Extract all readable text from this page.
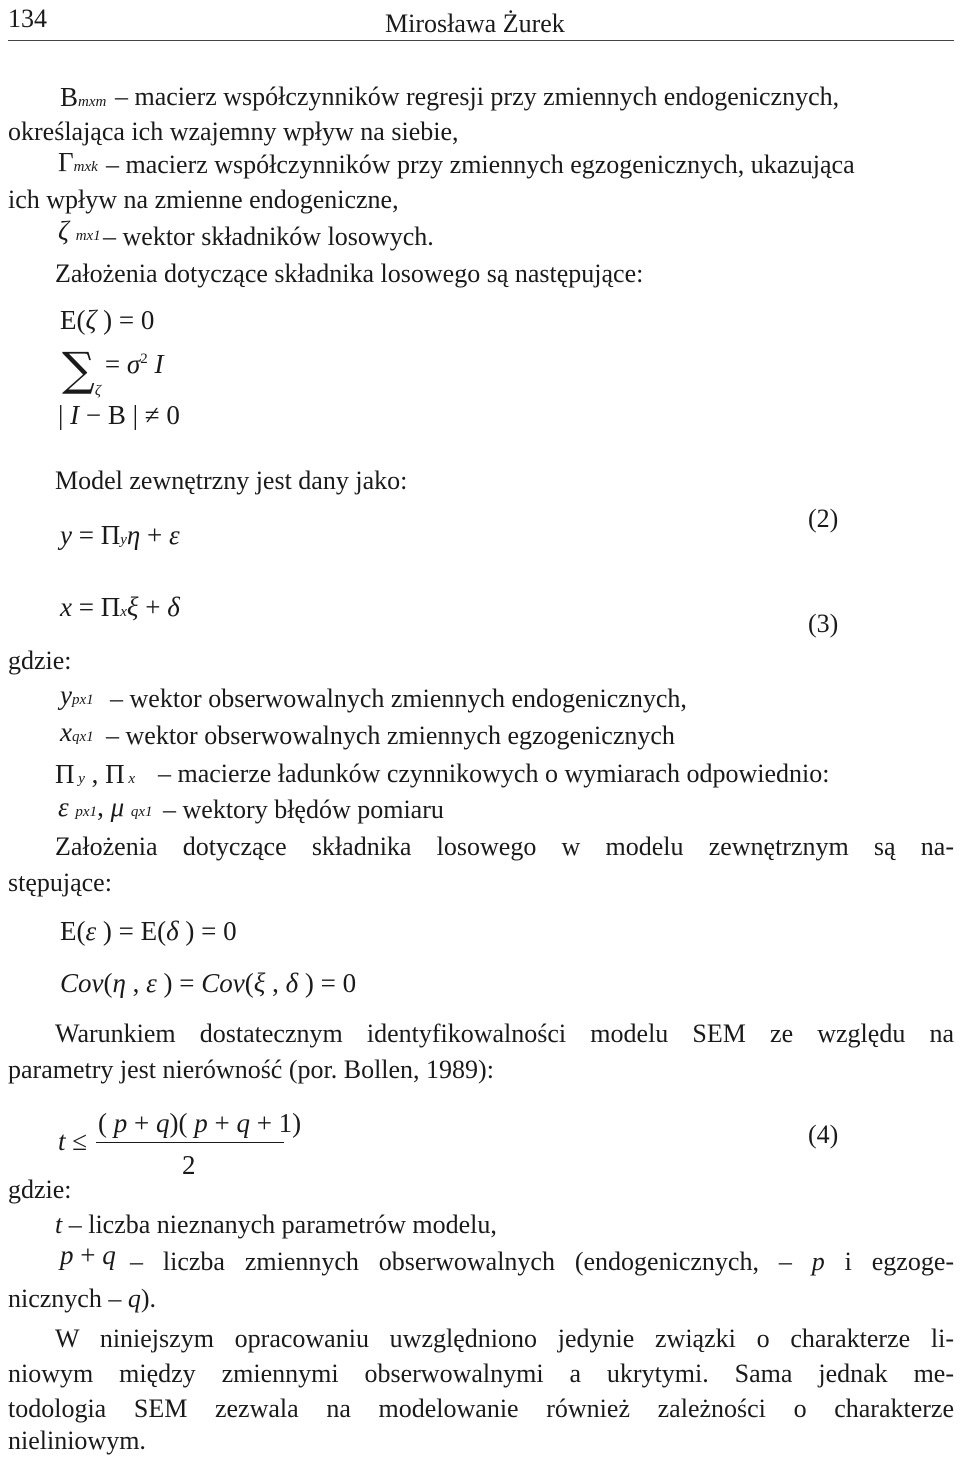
134	Mirosława Żurek
Bmxm – macierz współczynników regresji przy zmiennych endogenicznych,
określająca ich wzajemny wpływ na siebie,
Γmxk – macierz współczynników przy zmiennych egzogenicznych, ukazująca
ich wpływ na zmienne endogeniczne,
ζ mx1 – wektor składników losowych.
Założenia dotyczące składnika losowego są następujące:
E(ζ ) = 0
$\sum\zeta = \sigma^2$ I
| I − B | ≠ 0
Model zewnętrzny jest dany jako:
y = Πyη + ε
(2)
x = Πxξ + δ
(3)
gdzie:
ypx1 – wektor obserwowalnych zmiennych endogenicznych,
xqx1 – wektor obserwowalnych zmiennych egzogenicznych
Π y , Π x – macierze ładunków czynnikowych o wymiarach odpowiednio:
ε px1, μ qx1 – wektory błędów pomiaru
Założenia dotyczące składnika losowego w modelu zewnętrznym są na-
stępujące:
E(ε ) = E(δ ) = 0
Cov(η , ε ) = Cov(ξ , δ ) = 0
Warunkiem dostatecznym identyfikowalności modelu SEM ze względu na
parametry jest nierówność (por. Bollen, 1989):
t ≤
( p + q)( p + q + 1)
2
(4)
gdzie:
t – liczba nieznanych parametrów modelu,
p + q – liczba zmiennych obserwowalnych (endogenicznych, – p i egzoge-
nicznych – q).
W niniejszym opracowaniu uwzględniono jedynie związki o charakterze li-
niowym między zmiennymi obserwowalnymi a ukrytymi. Sama jednak me-
todologia SEM zezwala na modelowanie również zależności o charakterze
nieliniowym.
